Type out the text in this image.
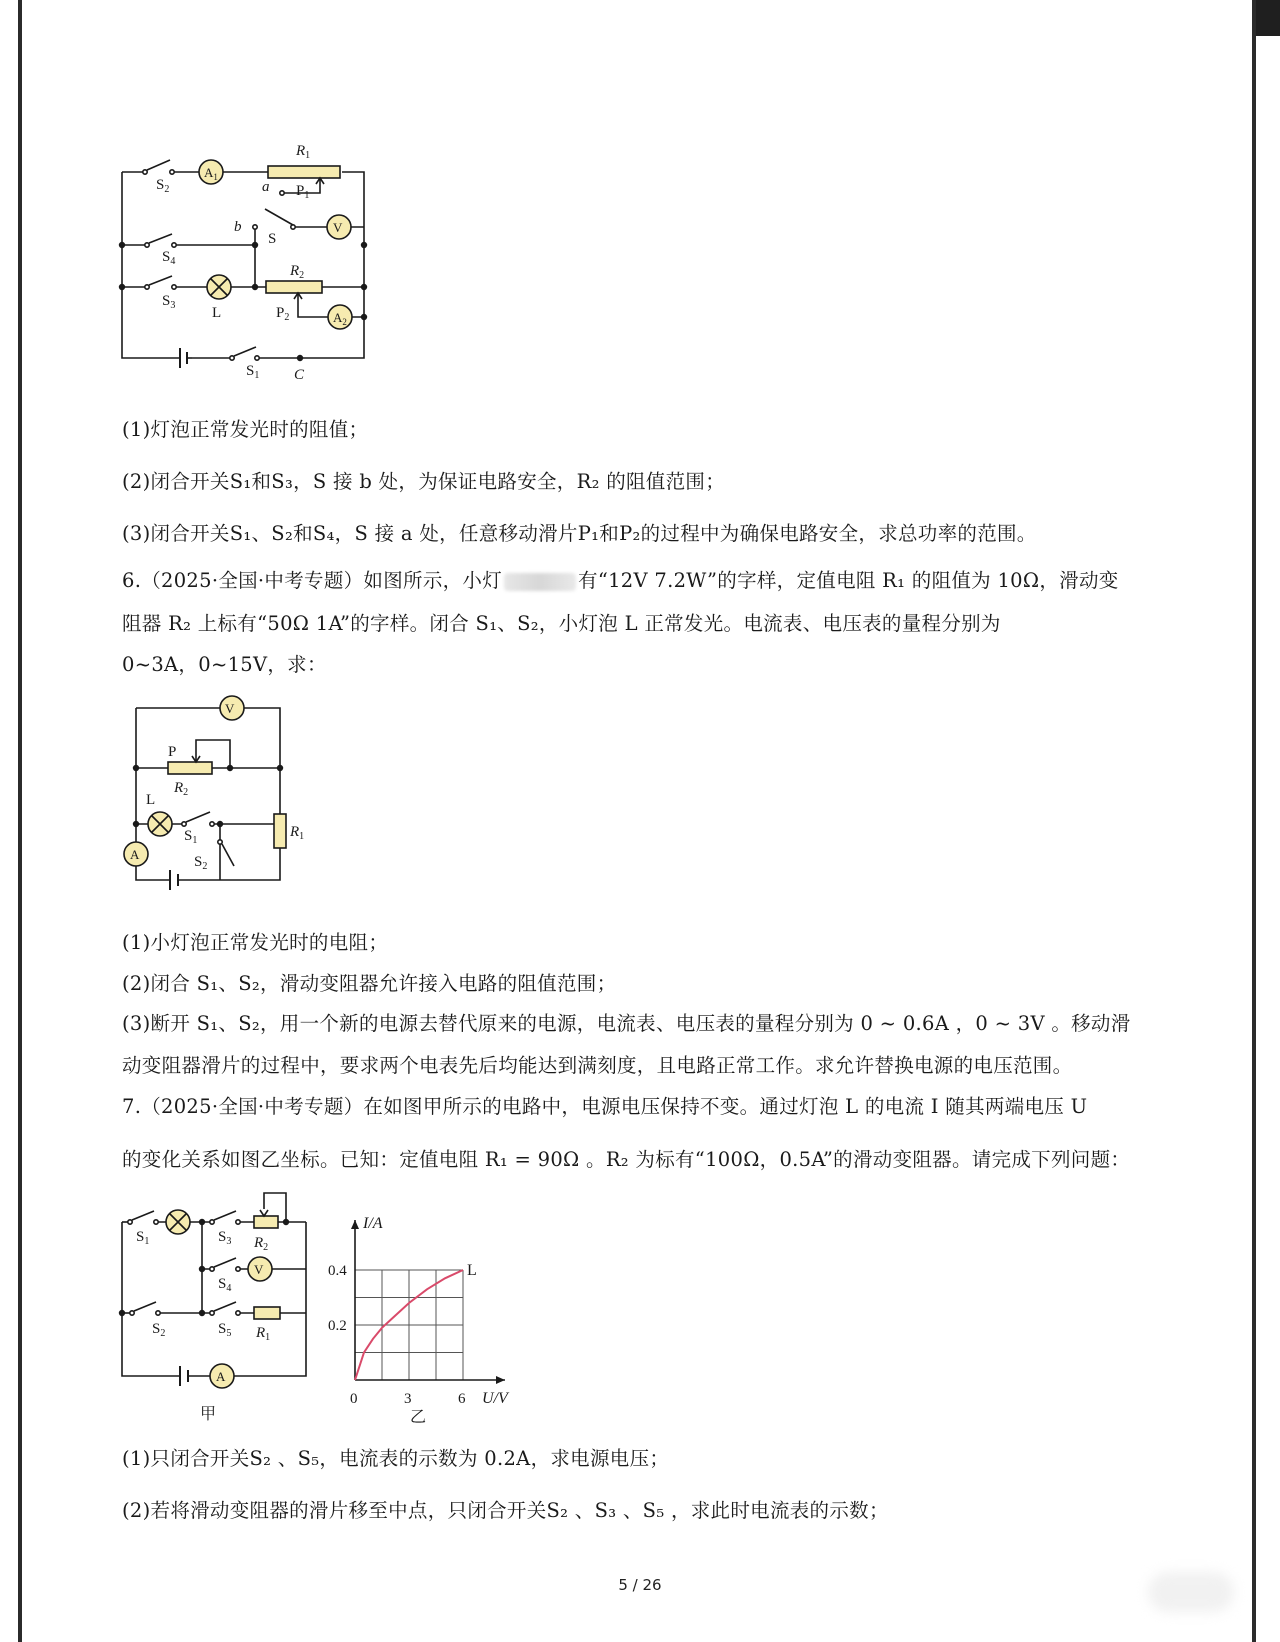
$S_2$
$A_1$
$R_1$
$P_1$
a
b
S
V
$S_4$
$R_2$
$S_3$ L	$P_2$	$A_2$
$S_1$ C
(1)灯泡正常发光时的阻值；
(2)闭合开关S₁和S₃，S 接 b 处，为保证电路安全，R₂ 的阻值范围；
(3)闭合开关S₁、S₂和S₄，S 接 a 处，任意移动滑片P₁和P₂的过程中为确保电路安全，求总功率的范围。
6.（2025·全国·中考专题）如图所示，小灯	有“12V 7.2W”的字样，定值电阻 R₁ 的阻值为 10Ω，滑动变
阻器 R₂ 上标有“50Ω 1A”的字样。闭合 S₁、S₂，小灯泡 L 正常发光。电流表、电压表的量程分别为
0~3A，0~15V，求：
V
P
$R_2$
L
$S_1$
A	$S_2$
$R_1$
(1)小灯泡正常发光时的电阻；
(2)闭合 S₁、S₂，滑动变阻器允许接入电路的阻值范围；
(3)断开 S₁、S₂，用一个新的电源去替代原来的电源，电流表、电压表的量程分别为 0 ~ 0.6A ，0 ~ 3V 。移动滑
动变阻器滑片的过程中，要求两个电表先后均能达到满刻度，且电路正常工作。求允许替换电源的电压范围。
7.（2025·全国·中考专题）在如图甲所示的电路中，电源电压保持不变。通过灯泡 L 的电流 I 随其两端电压 U
的变化关系如图乙坐标。已知：定值电阻 R₁ = 90Ω 。R₂ 为标有“100Ω，0.5A”的滑动变阻器。请完成下列问题：
$S_1$	$S_3$ $R_2$
$S_4$
V
$S_2$	$S_5$ $R_1$
A
甲
0	3	6
0.2
0.4
I/A
U/V
L
乙
(1)只闭合开关S₂ 、S₅，电流表的示数为 0.2A，求电源电压；
(2)若将滑动变阻器的滑片移至中点，只闭合开关S₂ 、S₃ 、S₅ ，求此时电流表的示数；
5 / 26
